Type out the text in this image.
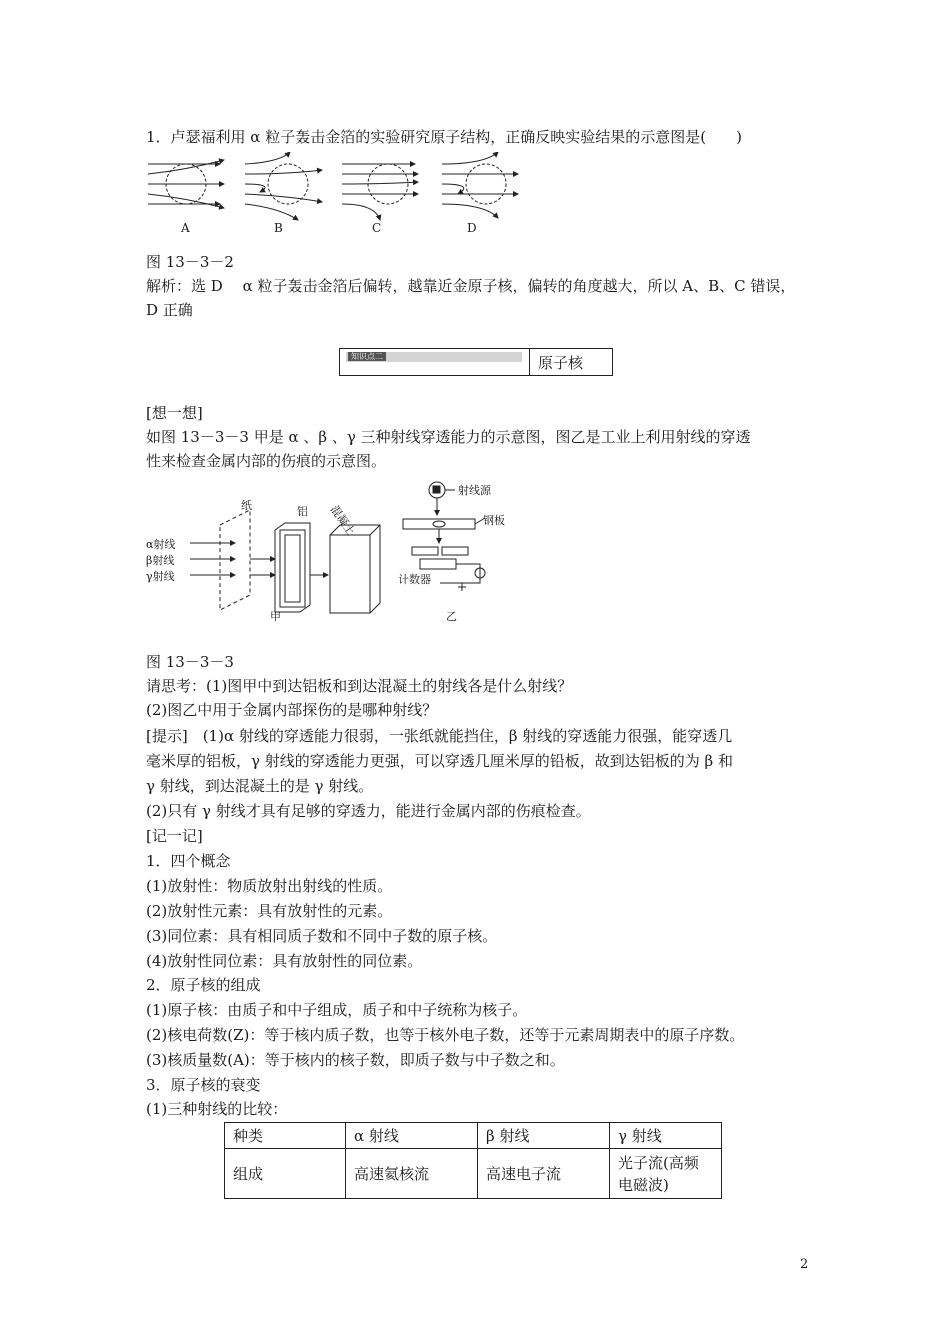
1．卢瑟福利用 α 粒子轰击金箔的实验研究原子结构，正确反映实验结果的示意图是(　　)
A	B	C	D
图 13－3－2
解析：选 D　 α 粒子轰击金箔后偏转，越靠近金原子核，偏转的角度越大，所以 A、B、C 错误，
D 正确
知识点二	原子核
[想一想]
如图 13－3－3 甲是 α 、β 、γ 三种射线穿透能力的示意图，图乙是工业上利用射线的穿透
性来检查金属内部的伤痕的示意图。
α射线
β射线
γ射线
纸	铝 混凝土
甲
射线源
钢板
计数器
乙
图 13－3－3
请思考：(1)图甲中到达铝板和到达混凝土的射线各是什么射线？
(2)图乙中用于金属内部探伤的是哪种射线？
[提示]　(1)α 射线的穿透能力很弱，一张纸就能挡住，β 射线的穿透能力很强，能穿透几
毫米厚的铝板，γ 射线的穿透能力更强，可以穿透几厘米厚的铅板，故到达铝板的为 β 和
γ 射线，到达混凝土的是 γ 射线。
(2)只有 γ 射线才具有足够的穿透力，能进行金属内部的伤痕检查。
[记一记]
1．四个概念
(1)放射性：物质放射出射线的性质。
(2)放射性元素：具有放射性的元素。
(3)同位素：具有相同质子数和不同中子数的原子核。
(4)放射性同位素：具有放射性的同位素。
2．原子核的组成
(1)原子核：由质子和中子组成，质子和中子统称为核子。
(2)核电荷数(Z)：等于核内质子数，也等于核外电子数，还等于元素周期表中的原子序数。
(3)核质量数(A)：等于核内的核子数，即质子数与中子数之和。
3．原子核的衰变
(1)三种射线的比较：
种类	α 射线	β 射线	γ 射线
组成	高速氦核流	高速电子流	光子流(高频
电磁波)
2
